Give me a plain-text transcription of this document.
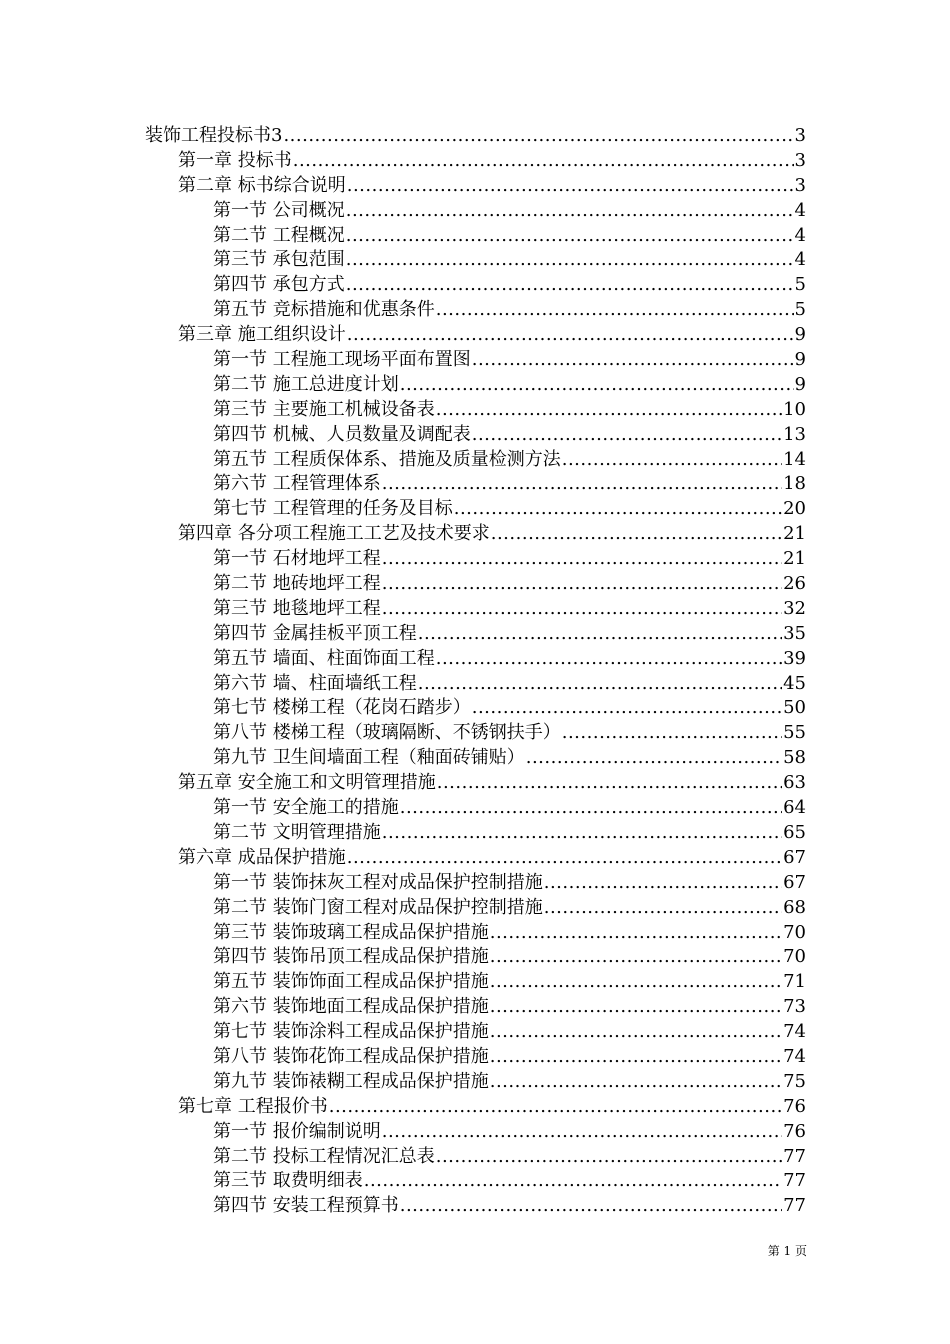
装饰工程投标书3 .....	3
第一章 投标书 .....	3
第二章 标书综合说明 .....	3
第一节 公司概况 .....	4
第二节 工程概况 .....	4
第三节 承包范围 .....	4
第四节 承包方式 .....	5
第五节 竞标措施和优惠条件 .....	5
第三章 施工组织设计 .....	9
第一节 工程施工现场平面布置图 .....	9
第二节 施工总进度计划 .....	9
第三节 主要施工机械设备表 .....	10
第四节 机械、人员数量及调配表 .....	13
第五节 工程质保体系、措施及质量检测方法 .....	14
第六节 工程管理体系 .....	18
第七节 工程管理的任务及目标 .....	20
第四章 各分项工程施工工艺及技术要求 .....	21
第一节 石材地坪工程 .....	21
第二节 地砖地坪工程 .....	26
第三节 地毯地坪工程 .....	32
第四节 金属挂板平顶工程 .....	35
第五节 墙面、柱面饰面工程 .....	39
第六节 墙、柱面墙纸工程 .....	45
第七节 楼梯工程（花岗石踏步） .....	50
第八节 楼梯工程（玻璃隔断、不锈钢扶手） .....	55
第九节 卫生间墙面工程（釉面砖铺贴） .....	58
第五章 安全施工和文明管理措施 .....	63
第一节 安全施工的措施 .....	64
第二节 文明管理措施 .....	65
第六章 成品保护措施 .....	67
第一节 装饰抹灰工程对成品保护控制措施 .....	67
第二节 装饰门窗工程对成品保护控制措施 .....	68
第三节 装饰玻璃工程成品保护措施 .....	70
第四节 装饰吊顶工程成品保护措施 .....	70
第五节 装饰饰面工程成品保护措施 .....	71
第六节 装饰地面工程成品保护措施 .....	73
第七节 装饰涂料工程成品保护措施 .....	74
第八节 装饰花饰工程成品保护措施 .....	74
第九节 装饰裱糊工程成品保护措施 .....	75
第七章 工程报价书 .....	76
第一节 报价编制说明 .....	76
第二节 投标工程情况汇总表 .....	77
第三节 取费明细表 .....	77
第四节 安装工程预算书 .....	77
第 1 页
